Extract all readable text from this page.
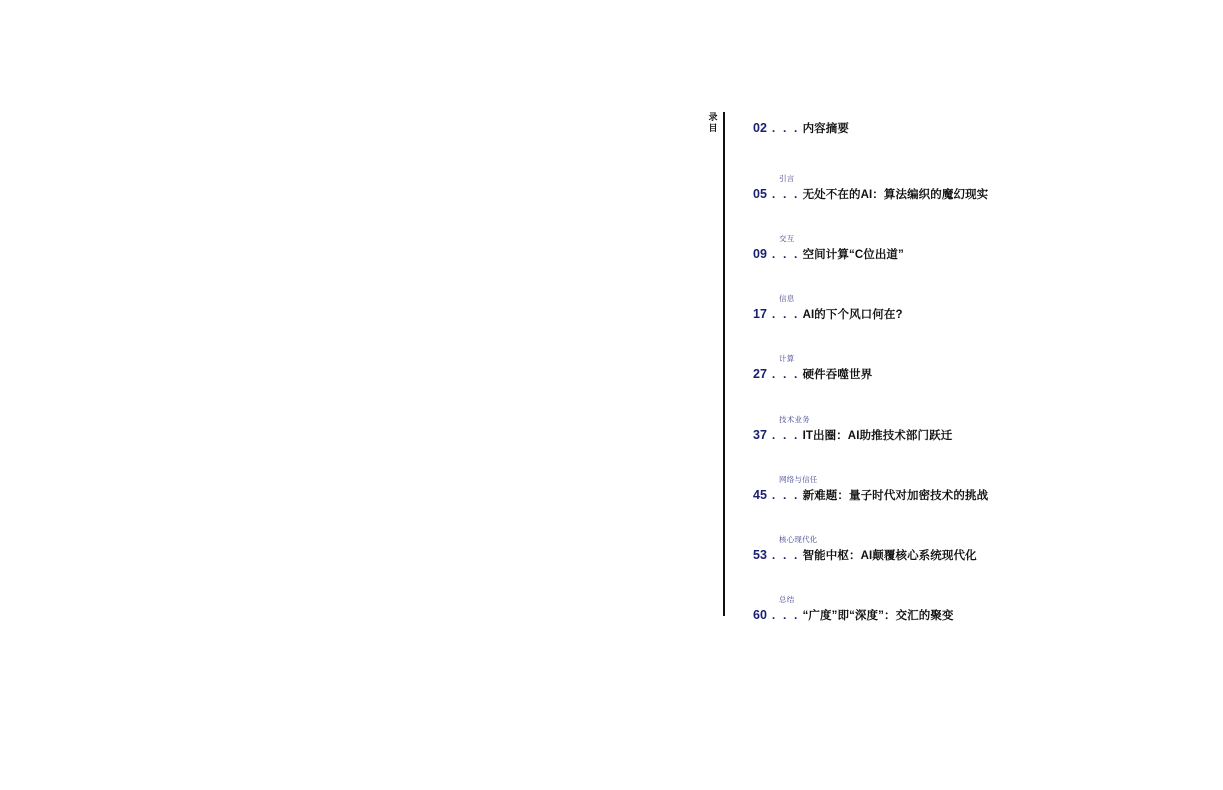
录
目	02 . . . 内容摘要
引言
05 . . . 无处不在的AI：算法编织的魔幻现实
交互
09 . . . 空间计算“C位出道”
信息
17 . . . AI的下个风口何在?
计算
27 . . . 硬件吞噬世界
技术业务
37 . . . IT出圈：AI助推技术部门跃迁
网络与信任
45 . . . 新难题：量子时代对加密技术的挑战
核心现代化
53 . . . 智能中枢：AI颠覆核心系统现代化
总结
60 . . . “广度”即“深度”：交汇的聚变
